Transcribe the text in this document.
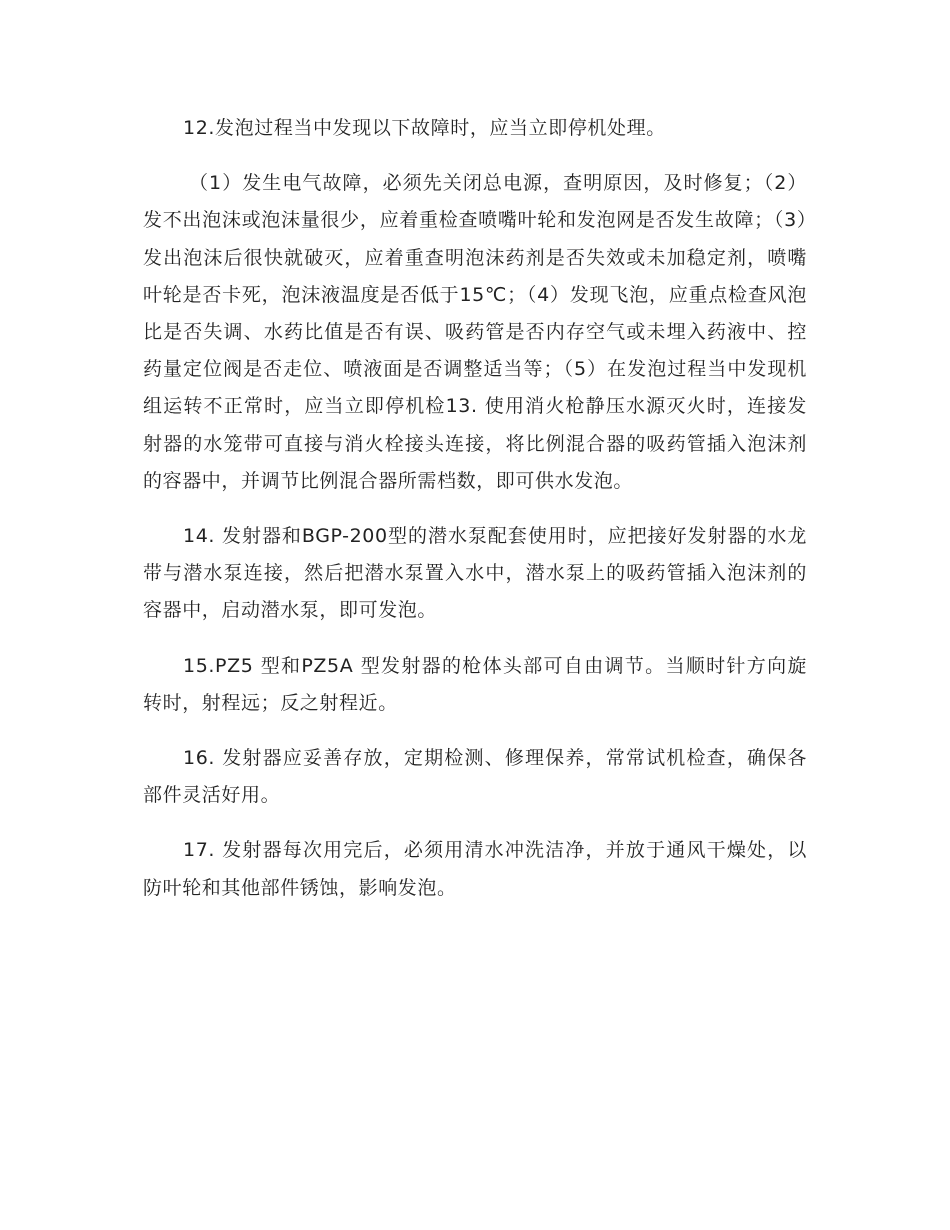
12.发泡过程当中发现以下故障时，应当立即停机处理。

（1）发生电气故障，必须先关闭总电源，查明原因，及时修复；（2）发不出泡沫或泡沫量很少，应着重检查喷嘴叶轮和发泡网是否发生故障；（3）发出泡沫后很快就破灭，应着重查明泡沫药剂是否失效或未加稳定剂，喷嘴叶轮是否卡死，泡沫液温度是否低于15℃；（4）发现飞泡，应重点检查风泡比是否失调、水药比值是否有误、吸药管是否内存空气或未埋入药液中、控药量定位阀是否走位、喷液面是否调整适当等；（5）在发泡过程当中发现机组运转不正常时，应当立即停机检13. 使用消火枪静压水源灭火时，连接发射器的水笼带可直接与消火栓接头连接，将比例混合器的吸药管插入泡沫剂的容器中，并调节比例混合器所需档数，即可供水发泡。

14. 发射器和BGP-200型的潜水泵配套使用时，应把接好发射器的水龙带与潜水泵连接，然后把潜水泵置入水中，潜水泵上的吸药管插入泡沫剂的容器中，启动潜水泵，即可发泡。

15.PZ5 型和PZ5A 型发射器的枪体头部可自由调节。当顺时针方向旋转时，射程远；反之射程近。

16. 发射器应妥善存放，定期检测、修理保养，常常试机检查，确保各部件灵活好用。

17. 发射器每次用完后，必须用清水冲洗洁净，并放于通风干燥处，以防叶轮和其他部件锈蚀，影响发泡。
